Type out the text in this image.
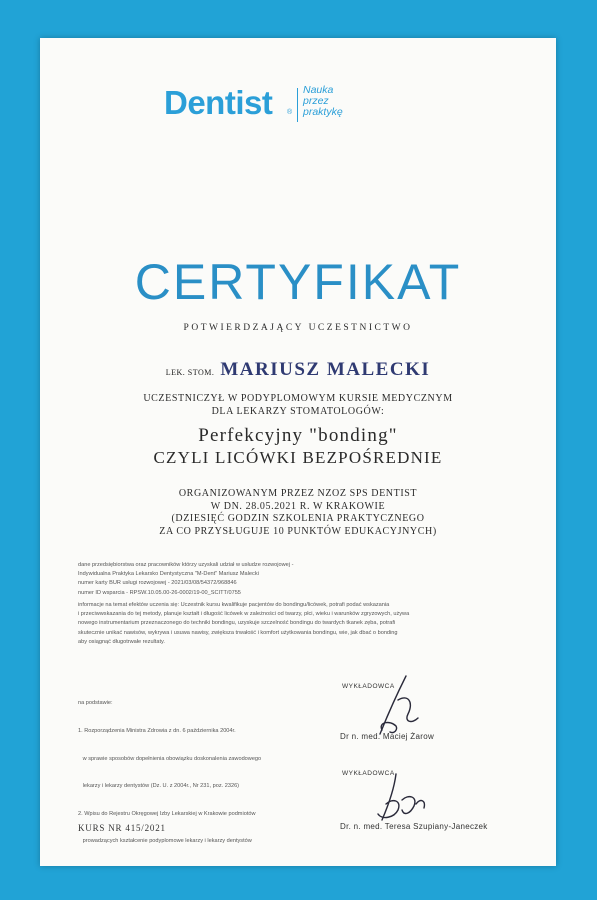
Dentist ®
Nauka
przez
praktykę
CERTYFIKAT
POTWIERDZAJĄCY UCZESTNICTWO
LEK. STOM. MARIUSZ MALECKI
UCZESTNICZYŁ W PODYPLOMOWYM KURSIE MEDYCZNYM
DLA LEKARZY STOMATOLOGÓW:
Perfekcyjny "bonding"
CZYLI LICÓWKI BEZPOŚREDNIE
ORGANIZOWANYM PRZEZ NZOZ SPS DENTIST
W DN. 28.05.2021 R. W KRAKOWIE
(DZIESIĘĆ GODZIN SZKOLENIA PRAKTYCZNEGO
ZA CO PRZYSŁUGUJE 10 PUNKTÓW EDUKACYJNYCH)
dane przedsiębiorstwa oraz pracowników którzy uzyskali udział w usłudze rozwojowej -
Indywidualna Praktyka Lekarsko Dentystyczna "M-Dent" Mariusz Malecki
numer karty BUR usługi rozwojowej - 2021/03/08/54372/968846
numer ID wsparcia - RPSW.10.05.00-26-0002/19-00_SCITT/0755
informacje na temat efektów uczenia się: Uczestnik kursu kwalifikuje pacjentów do bondingu/licówek, potrafi podać wskazania
i przeciwwskazania do tej metody, planuje kształt i długość licówek w zależności od twarzy, płci, wieku i warunków zgryzowych, używa
nowego instrumentarium przeznaczonego do techniki bondingu, uzyskuje szczelność bondingu do twardych tkanek zęba, potrafi
skutecznie unikać nawisów, wykrywa i usuwa nawisy, zwiększa trwałość i komfort użytkowania bondingu, wie, jak dbać o bonding
aby osiągnąć długotrwałe rezultaty.

na podstawie:

1. Rozporządzenia Ministra Zdrowia z dn. 6 października 2004r.

w sprawie sposobów dopełnienia obowiązku doskonalenia zawodowego

lekarzy i lekarzy dentystów (Dz. U. z 2004r., Nr 231, poz. 2326)

2. Wpisu do Rejestru Okręgowej Izby Lekarskiej w Krakowie podmiotów

prowadzących kształcenie podyplomowe lekarzy i lekarzy dentystów

WYKŁADOWCA
Dr n. med. Maciej Żarow
WYKŁADOWCA
Dr. n. med. Teresa Szupiany-Janeczek
KURS NR 415/2021
